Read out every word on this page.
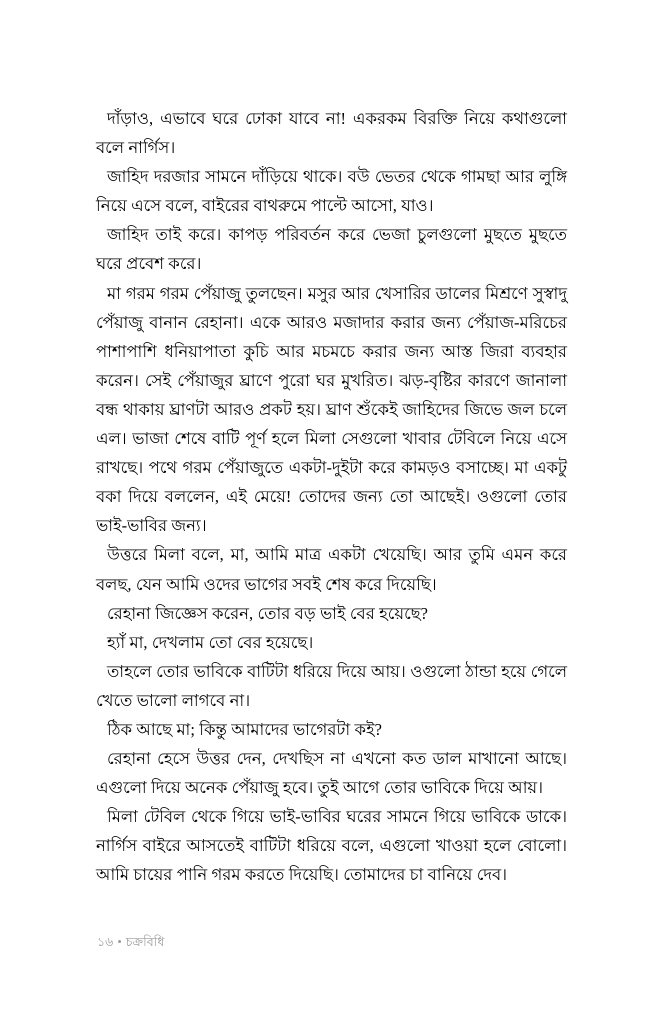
দাঁড়াও, এভাবে ঘরে ঢোকা যাবে না! একরকম বিরক্তি নিয়ে কথাগুলো বলে নার্গিস।

জাহিদ দরজার সামনে দাঁড়িয়ে থাকে। বউ ভেতর থেকে গামছা আর লুঙ্গি নিয়ে এসে বলে, বাইরের বাথরুমে পাল্টে আসো, যাও।

জাহিদ তাই করে। কাপড় পরিবর্তন করে ভেজা চুলগুলো মুছতে মুছতে ঘরে প্রবেশ করে।

মা গরম গরম পেঁয়াজু তুলছেন। মসুর আর খেসারির ডালের মিশ্রণে সুস্বাদু পেঁয়াজু বানান রেহানা। একে আরও মজাদার করার জন্য পেঁয়াজ-মরিচের পাশাপাশি ধনিয়াপাতা কুচি আর মচমচে করার জন্য আস্ত জিরা ব্যবহার করেন। সেই পেঁয়াজুর ঘ্রাণে পুরো ঘর মুখরিত। ঝড়-বৃষ্টির কারণে জানালা বন্ধ থাকায় ঘ্রাণটা আরও প্রকট হয়। ঘ্রাণ শুঁকেই জাহিদের জিভে জল চলে এল। ভাজা শেষে বাটি পূর্ণ হলে মিলা সেগুলো খাবার টেবিলে নিয়ে এসে রাখছে। পথে গরম পেঁয়াজুতে একটা-দুইটা করে কামড়ও বসাচ্ছে। মা একটু বকা দিয়ে বললেন, এই মেয়ে! তোদের জন্য তো আছেই। ওগুলো তোর ভাই-ভাবির জন্য।

উত্তরে মিলা বলে, মা, আমি মাত্র একটা খেয়েছি। আর তুমি এমন করে বলছ, যেন আমি ওদের ভাগের সবই শেষ করে দিয়েছি।

রেহানা জিজ্ঞেস করেন, তোর বড় ভাই বের হয়েছে?

হ্যাঁ মা, দেখলাম তো বের হয়েছে।

তাহলে তোর ভাবিকে বাটিটা ধরিয়ে দিয়ে আয়। ওগুলো ঠান্ডা হয়ে গেলে খেতে ভালো লাগবে না।

ঠিক আছে মা; কিন্তু আমাদের ভাগেরটা কই?

রেহানা হেসে উত্তর দেন, দেখছিস না এখনো কত ডাল মাখানো আছে। এগুলো দিয়ে অনেক পেঁয়াজু হবে। তুই আগে তোর ভাবিকে দিয়ে আয়।

মিলা টেবিল থেকে গিয়ে ভাই-ভাবির ঘরের সামনে গিয়ে ভাবিকে ডাকে। নার্গিস বাইরে আসতেই বাটিটা ধরিয়ে বলে, এগুলো খাওয়া হলে বোলো। আমি চায়ের পানি গরম করতে দিয়েছি। তোমাদের চা বানিয়ে দেব।

১৬ • চক্রবিধি
